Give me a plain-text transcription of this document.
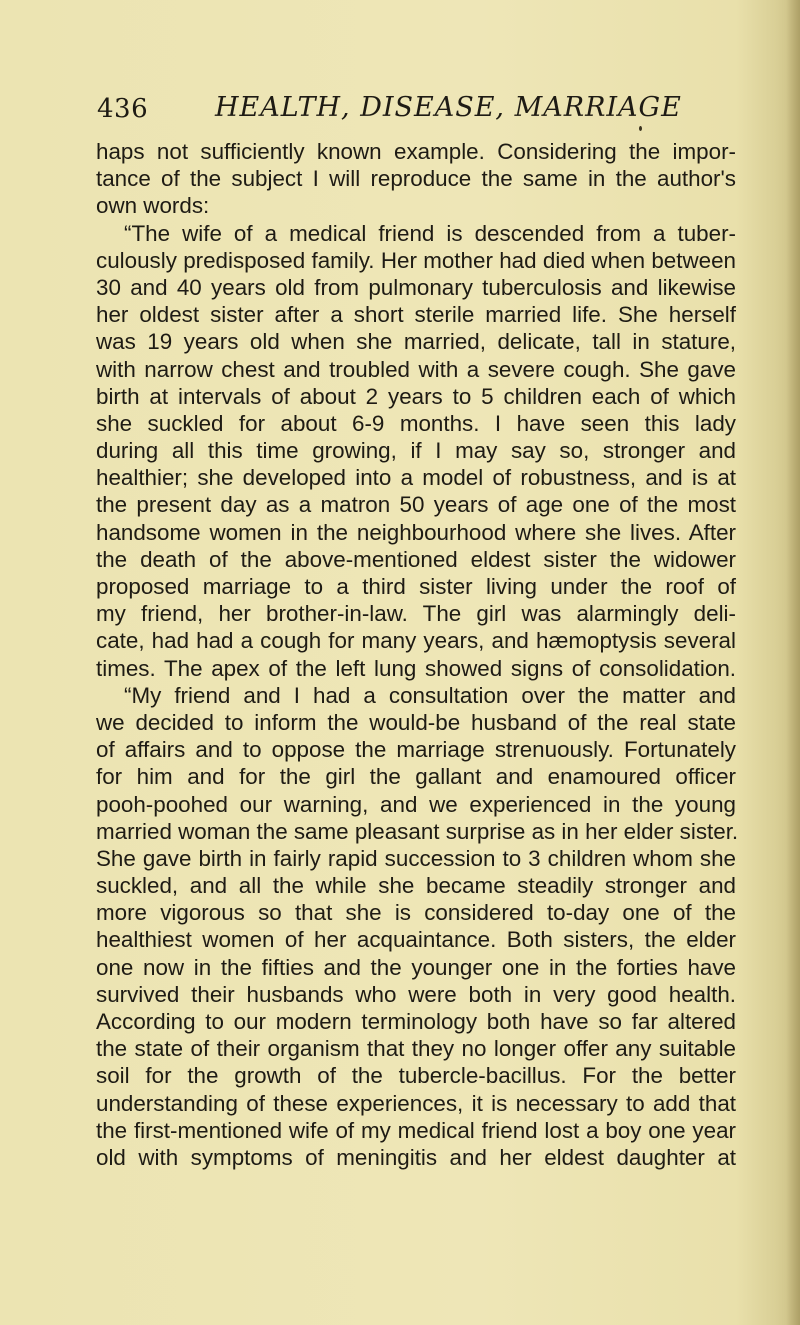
436 HEALTH, DISEASE, MARRIAGE
haps not sufficiently known example. Considering the impor-
tance of the subject I will reproduce the same in the author's
own words:
“The wife of a medical friend is descended from a tuber-
culously predisposed family. Her mother had died when between
30 and 40 years old from pulmonary tuberculosis and likewise
her oldest sister after a short sterile married life. She herself
was 19 years old when she married, delicate, tall in stature,
with narrow chest and troubled with a severe cough. She gave
birth at intervals of about 2 years to 5 children each of which
she suckled for about 6-9 months. I have seen this lady
during all this time growing, if I may say so, stronger and
healthier; she developed into a model of robustness, and is at
the present day as a matron 50 years of age one of the most
handsome women in the neighbourhood where she lives. After
the death of the above-mentioned eldest sister the widower
proposed marriage to a third sister living under the roof of
my friend, her brother-in-law. The girl was alarmingly deli-
cate, had had a cough for many years, and hæmoptysis several
times. The apex of the left lung showed signs of consolidation.
“My friend and I had a consultation over the matter and
we decided to inform the would-be husband of the real state
of affairs and to oppose the marriage strenuously. Fortunately
for him and for the girl the gallant and enamoured officer
pooh-poohed our warning, and we experienced in the young
married woman the same pleasant surprise as in her elder sister.
She gave birth in fairly rapid succession to 3 children whom she
suckled, and all the while she became steadily stronger and
more vigorous so that she is considered to-day one of the
healthiest women of her acquaintance. Both sisters, the elder
one now in the fifties and the younger one in the forties have
survived their husbands who were both in very good health.
According to our modern terminology both have so far altered
the state of their organism that they no longer offer any suitable
soil for the growth of the tubercle-bacillus. For the better
understanding of these experiences, it is necessary to add that
the first-mentioned wife of my medical friend lost a boy one year
old with symptoms of meningitis and her eldest daughter at
